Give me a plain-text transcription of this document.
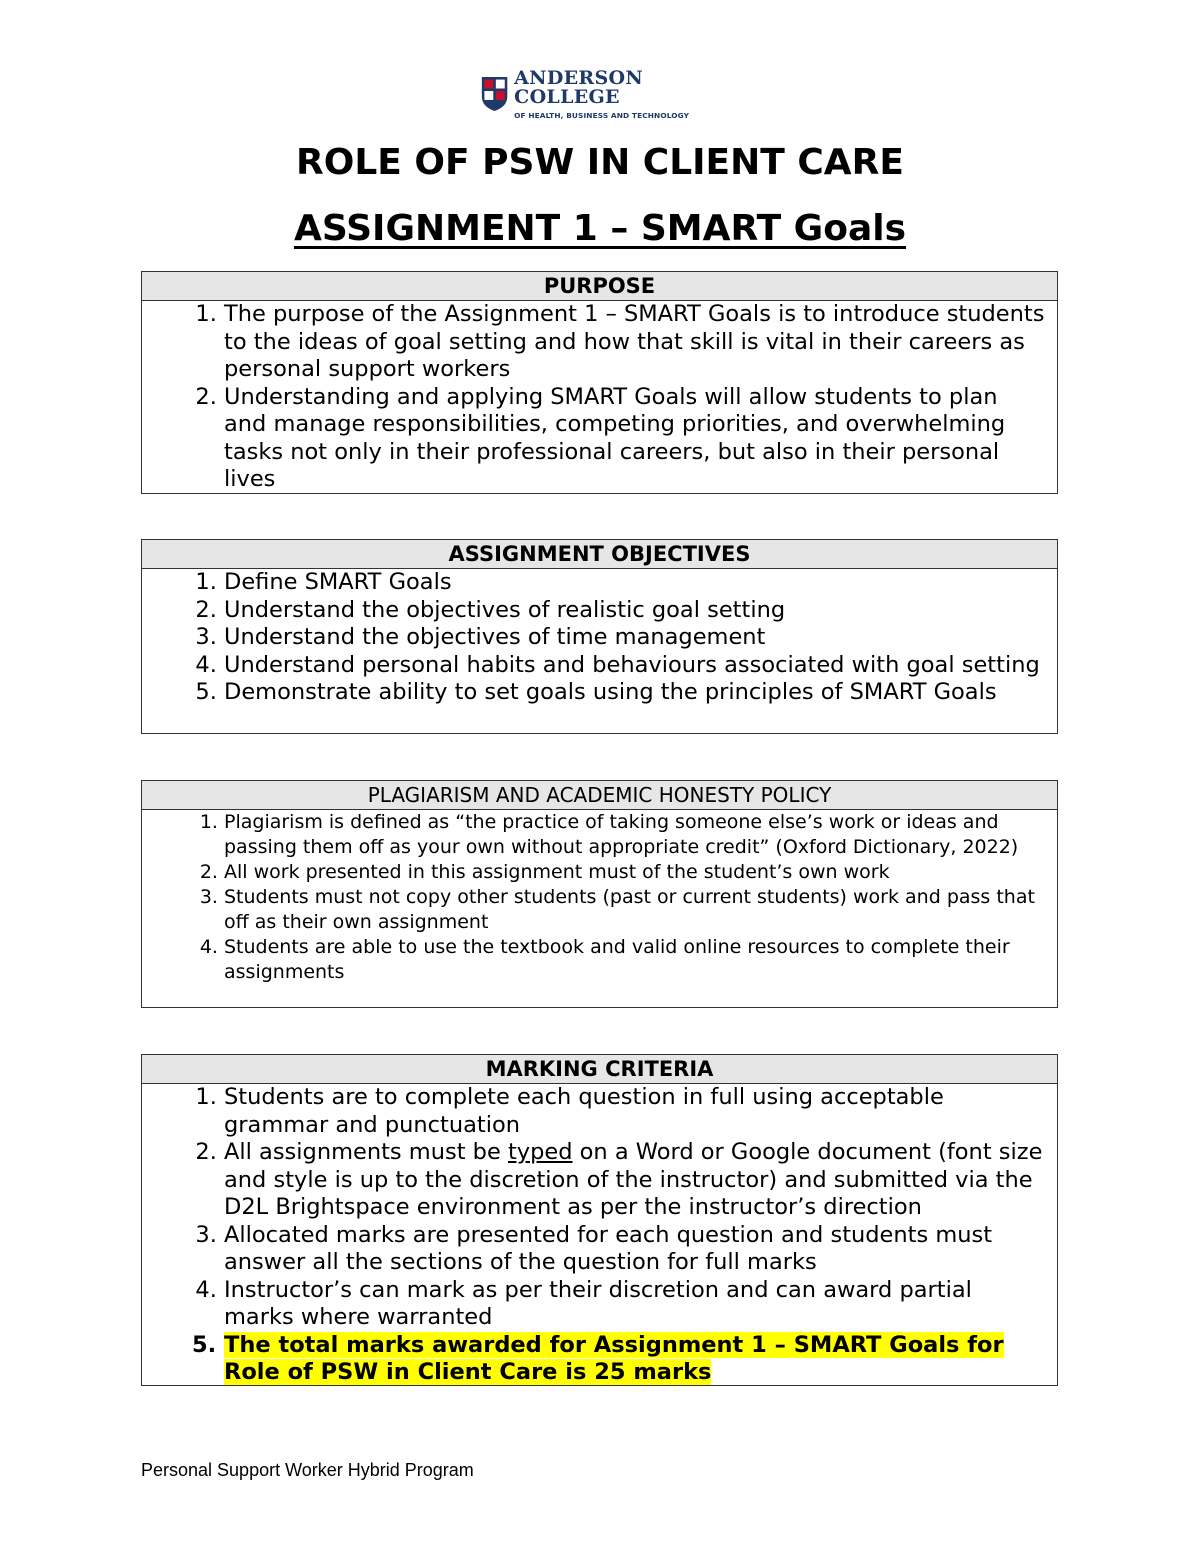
ANDERSON COLLEGE
OF HEALTH, BUSINESS AND TECHNOLOGY
ROLE OF PSW IN CLIENT CARE
ASSIGNMENT 1 – SMART Goals
PURPOSE
1. The purpose of the Assignment 1 – SMART Goals is to introduce students to the ideas of goal setting and how that skill is vital in their careers as personal support workers
2. Understanding and applying SMART Goals will allow students to plan and manage responsibilities, competing priorities, and overwhelming tasks not only in their professional careers, but also in their personal lives
ASSIGNMENT OBJECTIVES
1. Define SMART Goals
2. Understand the objectives of realistic goal setting
3. Understand the objectives of time management
4. Understand personal habits and behaviours associated with goal setting
5. Demonstrate ability to set goals using the principles of SMART Goals
PLAGIARISM AND ACADEMIC HONESTY POLICY
1. Plagiarism is defined as “the practice of taking someone else’s work or ideas and passing them off as your own without appropriate credit” (Oxford Dictionary, 2022)
2. All work presented in this assignment must of the student’s own work
3. Students must not copy other students (past or current students) work and pass that off as their own assignment
4. Students are able to use the textbook and valid online resources to complete their assignments
MARKING CRITERIA
1. Students are to complete each question in full using acceptable grammar and punctuation
2. All assignments must be typed on a Word or Google document (font size and style is up to the discretion of the instructor) and submitted via the D2L Brightspace environment as per the instructor’s direction
3. Allocated marks are presented for each question and students must answer all the sections of the question for full marks
4. Instructor’s can mark as per their discretion and can award partial marks where warranted
5. The total marks awarded for Assignment 1 – SMART Goals for Role of PSW in Client Care is 25 marks
Personal Support Worker Hybrid Program
